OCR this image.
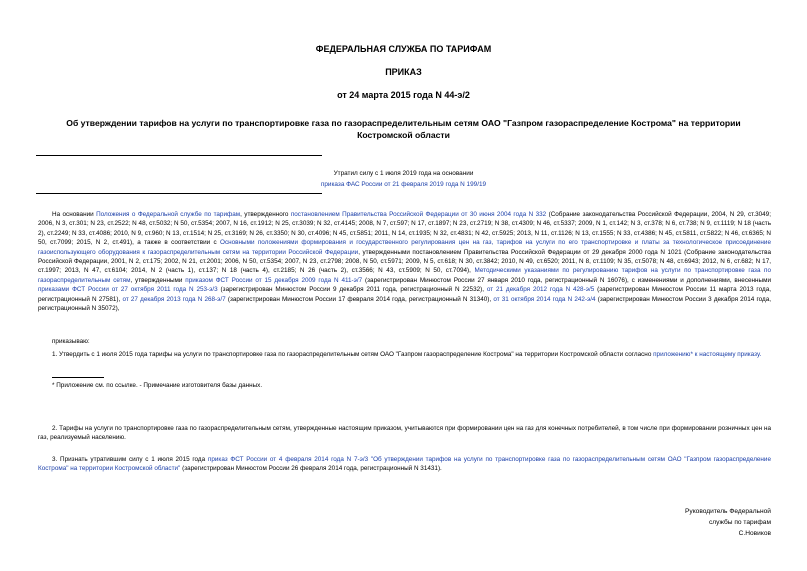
ФЕДЕРАЛЬНАЯ СЛУЖБА ПО ТАРИФАМ
ПРИКАЗ
от 24 марта 2015 года N 44-э/2
Об утверждении тарифов на услуги по транспортировке газа по газораспределительным сетям ОАО "Газпром газораспределение Кострома" на территории
Костромской области
Утратил силу с 1 июля 2019 года на основании
приказа ФАС России от 21 февраля 2019 года N 199/19
На основании Положения о Федеральной службе по тарифам, утвержденного постановлением Правительства Российской Федерации от 30 июня 2004 года N 332 (Собрание законодательства Российской Федерации, 2004, N 29, ст.3049; 2006, N 3, ст.301; N 23, ст.2522; N 48, ст.5032; N 50, ст.5354; 2007, N 16, ст.1912; N 25, ст.3039; N 32, ст.4145; 2008, N 7, ст.597; N 17, ст.1897; N 23, ст.2719; N 38, ст.4309; N 46, ст.5337; 2009, N 1, ст.142; N 3, ст.378; N 6, ст.738; N 9, ст.1119; N 18 (часть 2), ст.2249; N 33, ст.4086; 2010, N 9, ст.960; N 13, ст.1514; N 25, ст.3169; N 26, ст.3350; N 30, ст.4096; N 45, ст.5851; 2011, N 14, ст.1935; N 32, ст.4831; N 42, ст.5925; 2013, N 11, ст.1126; N 13, ст.1555; N 33, ст.4386; N 45, ст.5811, ст.5822; N 46, ст.6365; N 50, ст.7099; 2015, N 2, ст.491), а также в соответствии с Основными положениями формирования и государственного регулирования цен на газ, тарифов на услуги по его транспортировке и платы за технологическое присоединение газоиспользующего оборудования к газораспределительным сетям на территории Российской Федерации, утвержденными постановлением Правительства Российской Федерации от 29 декабря 2000 года N 1021 (Собрание законодательства Российской Федерации, 2001, N 2, ст.175; 2002, N 21, ст.2001; 2006, N 50, ст.5354; 2007, N 23, ст.2798; 2008, N 50, ст.5971; 2009, N 5, ст.618; N 30, ст.3842; 2010, N 49, ст.6520; 2011, N 8, ст.1109; N 35, ст.5078; N 48, ст.6943; 2012, N 6, ст.682; N 17, ст.1997; 2013, N 47, ст.6104; 2014, N 2 (часть 1), ст.137; N 18 (часть 4), ст.2185; N 26 (часть 2), ст.3566; N 43, ст.5909; N 50, ст.7094), Методическими указаниями по регулированию тарифов на услуги по транспортировке газа по газораспределительным сетям, утвержденными приказом ФСТ России от 15 декабря 2009 года N 411-э/7 (зарегистрирован Минюстом России 27 января 2010 года, регистрационный N 16076), с изменениями и дополнениями, внесенными приказами ФСТ России от 27 октября 2011 года N 253-э/3 (зарегистрирован Минюстом России 9 декабря 2011 года, регистрационный N 22532), от 21 декабря 2012 года N 428-э/5 (зарегистрирован Минюстом России 11 марта 2013 года, регистрационный N 27581), от 27 декабря 2013 года N 268-э/7 (зарегистрирован Минюстом России 17 февраля 2014 года, регистрационный N 31340), от 31 октября 2014 года N 242-э/4 (зарегистрирован Минюстом России 3 декабря 2014 года, регистрационный N 35072),
приказываю:
1. Утвердить с 1 июля 2015 года тарифы на услуги по транспортировке газа по газораспределительным сетям ОАО "Газпром газораспределение Кострома" на территории Костромской области согласно приложению* к настоящему приказу.
* Приложение см. по ссылке. - Примечание изготовителя базы данных.
2. Тарифы на услуги по транспортировке газа по газораспределительным сетям, утвержденные настоящим приказом, учитываются при формировании цен на газ для конечных потребителей, в том числе при формировании розничных цен на газ, реализуемый населению.
3. Признать утратившим силу с 1 июля 2015 года приказ ФСТ России от 4 февраля 2014 года N 7-э/3 "Об утверждении тарифов на услуги по транспортировке газа по газораспределительным сетям ОАО "Газпром газораспределение Кострома" на территории Костромской области" (зарегистрирован Минюстом России 26 февраля 2014 года, регистрационный N 31431).
Руководитель Федеральной
службы по тарифам
С.Новиков
